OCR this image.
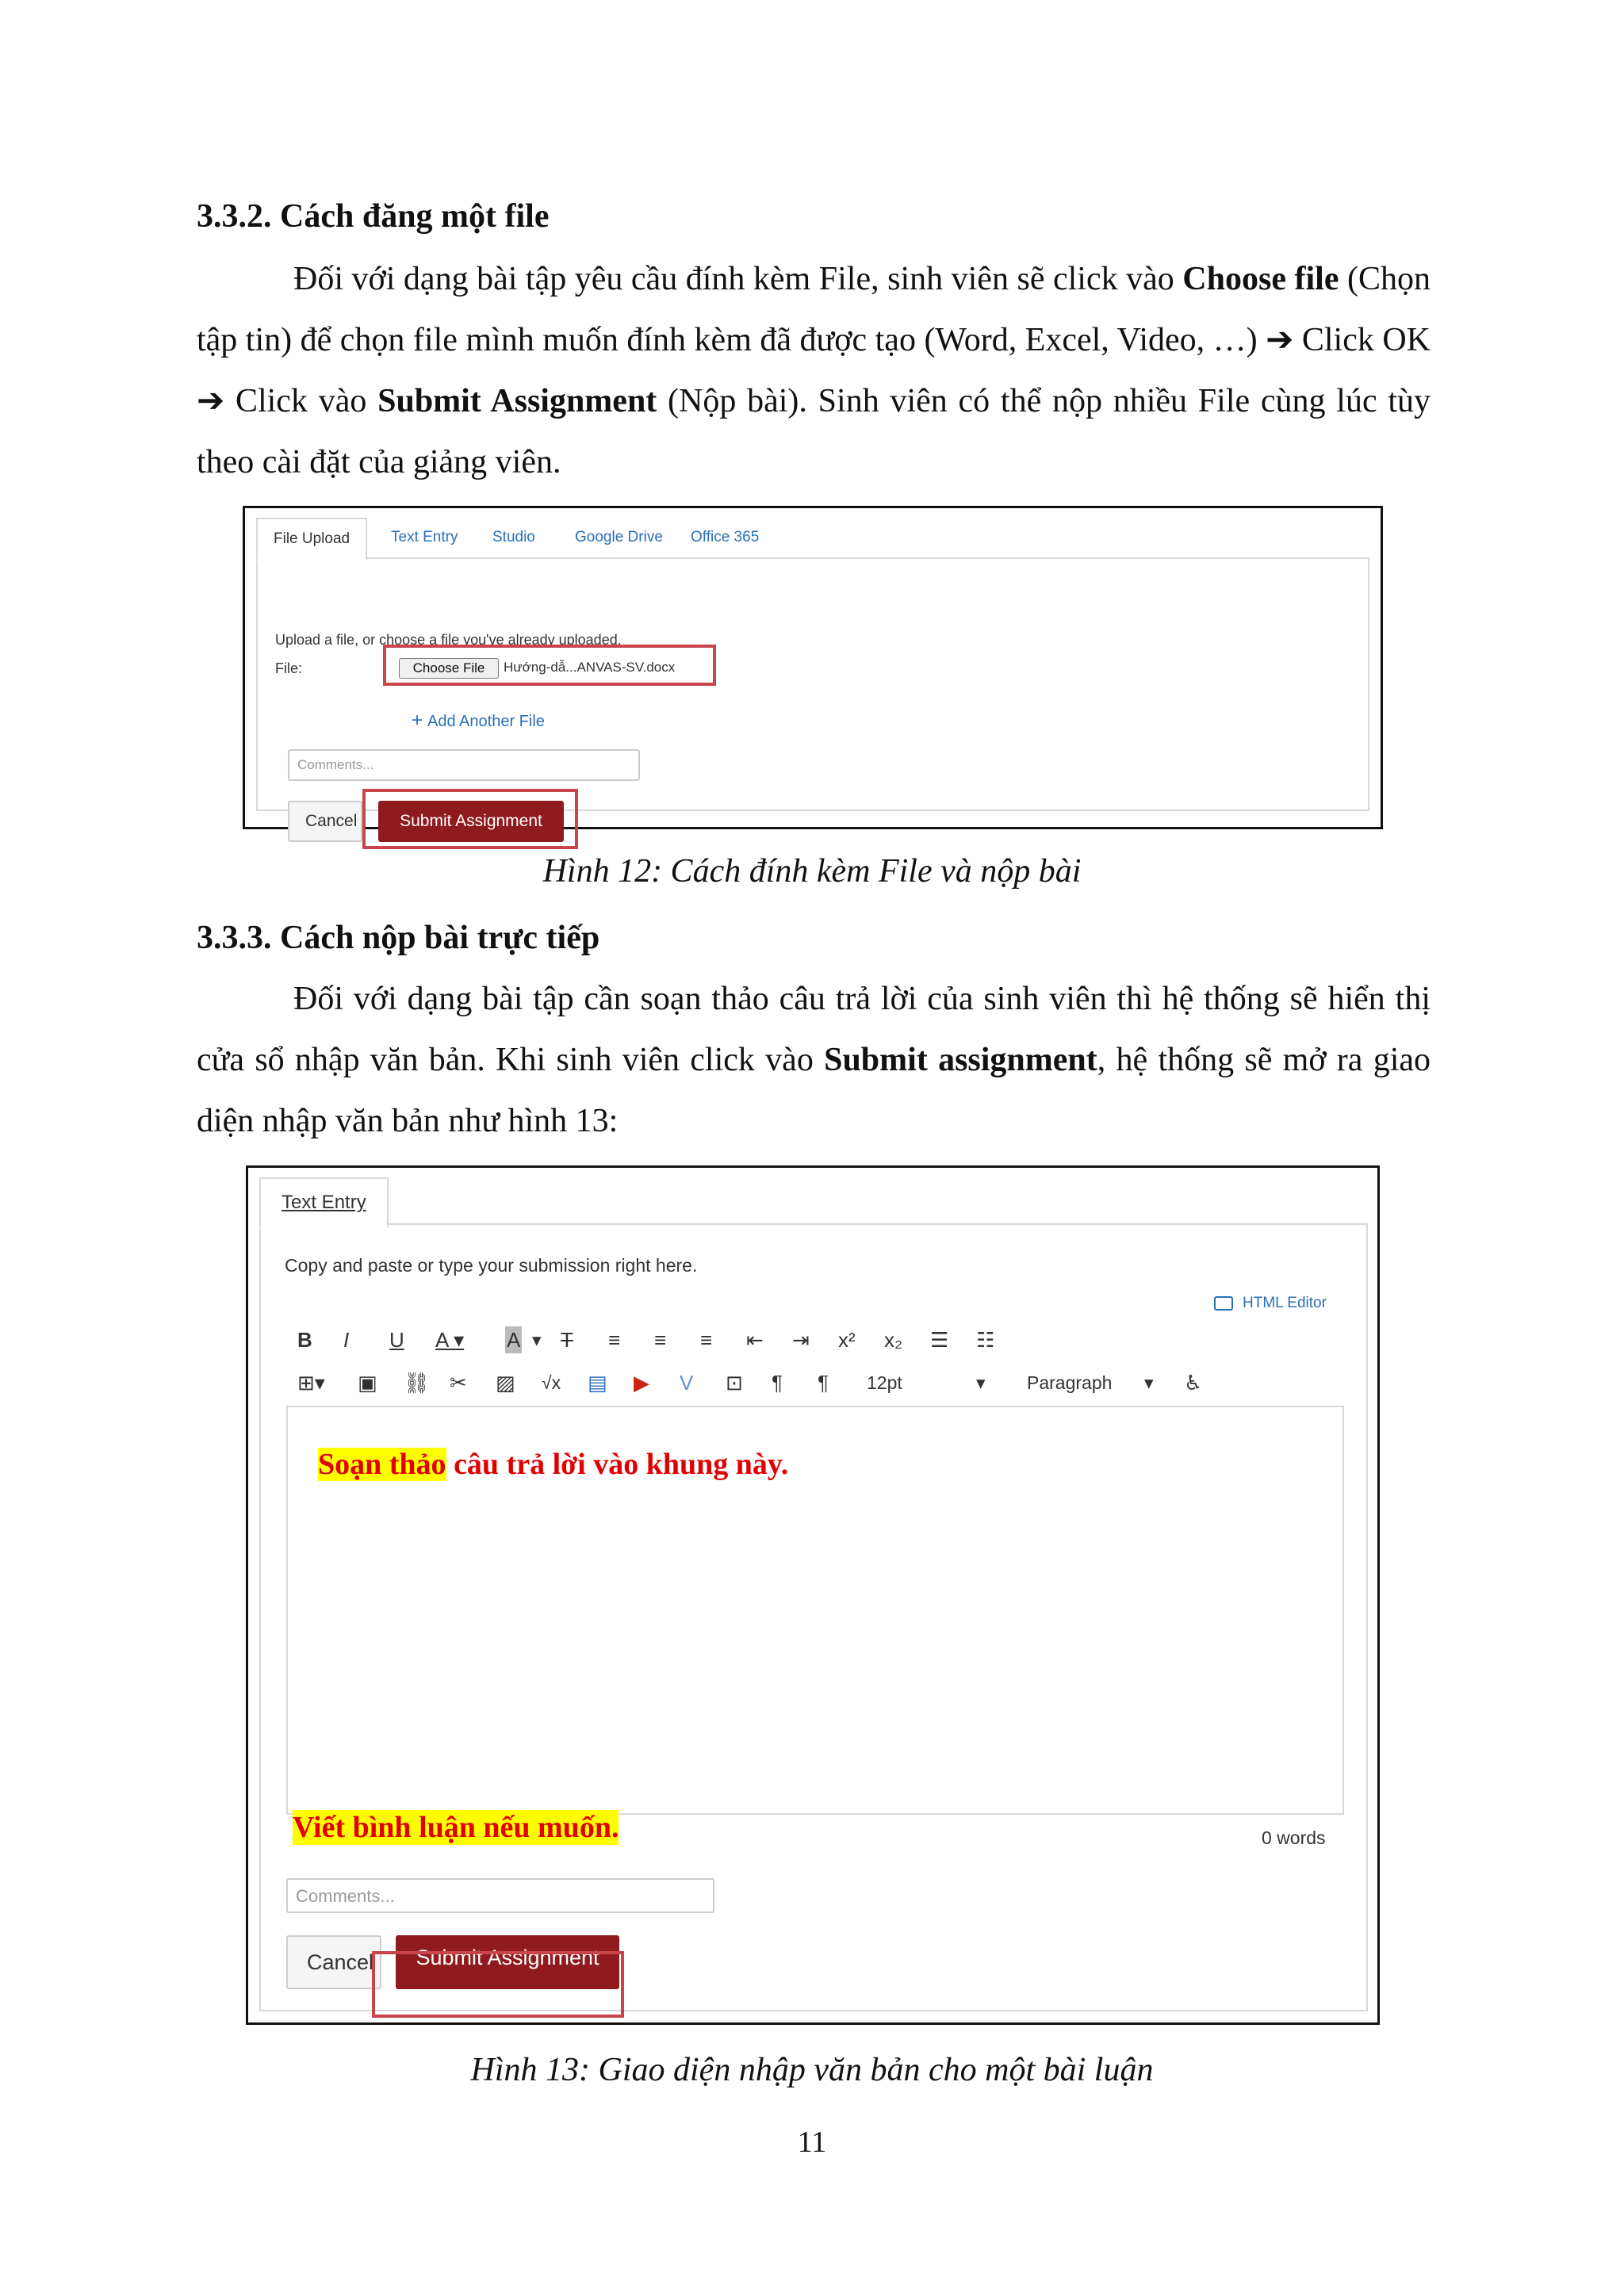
3.3.2. Cách đăng một file

Đối với dạng bài tập yêu cầu đính kèm File, sinh viên sẽ click vào Choose file (Chọn tập tin) để chọn file mình muốn đính kèm đã được tạo (Word, Excel, Video, …) ➔ Click OK ➔ Click vào Submit Assignment (Nộp bài). Sinh viên có thể nộp nhiều File cùng lúc tùy theo cài đặt của giảng viên.

Upload a file, or choose a file you've already uploaded.
File:	Choose File	Hướng-dẫ...ANVAS-SV.docx
+ Add Another File
Comments...
Cancel	Submit Assignment
File Upload	Text Entry Studio	Google Drive Office 365
Hình 12: Cách đính kèm File và nộp bài
3.3.3. Cách nộp bài trực tiếp

Đối với dạng bài tập cần soạn thảo câu trả lời của sinh viên thì hệ thống sẽ hiển thị cửa sổ nhập văn bản. Khi sinh viên click vào Submit assignment, hệ thống sẽ mở ra giao diện nhập văn bản như hình 13:

Text Entry
Copy and paste or type your submission right here.
HTML Editor
B I U A ▾ A ▾ T ≡ ≡ ≡ ⇤ ⇥ x² x₂ ☰ ☷
⊞▾ ▣ ⛓ ✂ ▨ √x ▤ ▶ V ⊡ ¶ ¶ 12pt	▾ Paragraph ▾ ♿
Soạn thảo câu trả lời vào khung này.
Viết bình luận nếu muốn.	0 words
Comments...
Cancel	Submit Assignment
Hình 13: Giao diện nhập văn bản cho một bài luận
11
